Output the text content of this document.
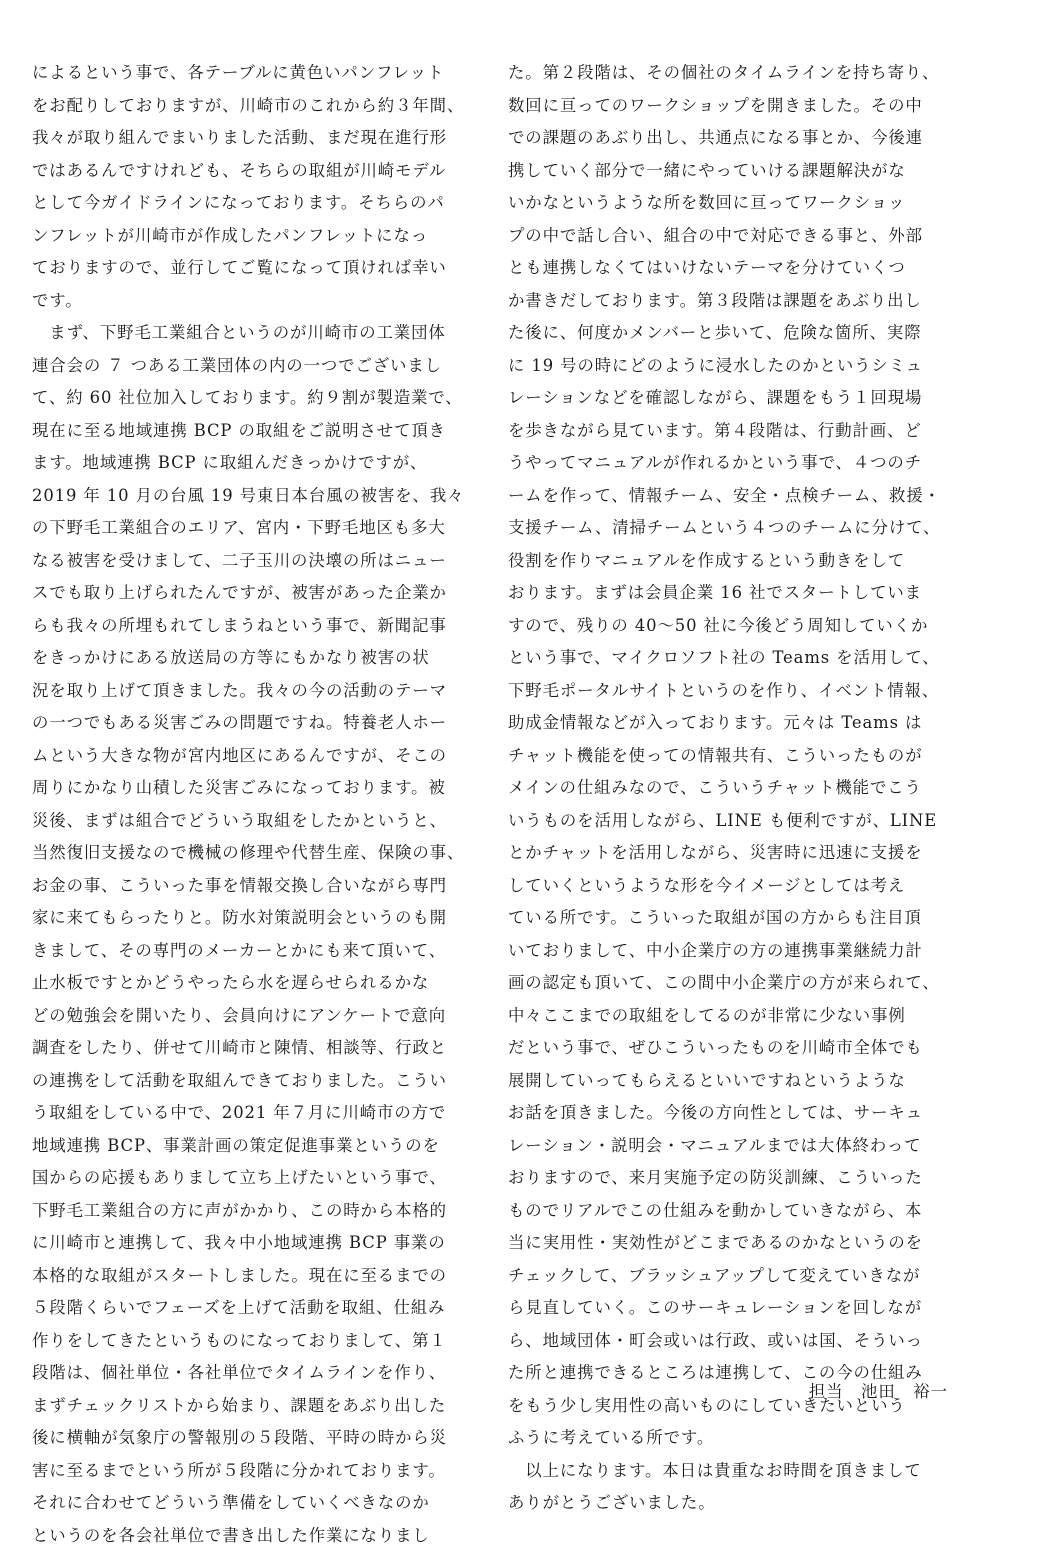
によるという事で、各テーブルに黄色いパンフレット
をお配りしておりますが、川崎市のこれから約３年間、
我々が取り組んでまいりました活動、まだ現在進行形
ではあるんですけれども、そちらの取組が川崎モデル
として今ガイドラインになっております。そちらのパ
ンフレットが川崎市が作成したパンフレットになっ
ておりますので、並行してご覧になって頂ければ幸い
です。
　まず、下野毛工業組合というのが川崎市の工業団体
連合会の ７ つある工業団体の内の一つでございまし
て、約 60 社位加入しております。約９割が製造業で、
現在に至る地域連携 BCP の取組をご説明させて頂き
ます。地域連携 BCP に取組んだきっかけですが、
2019 年 10 月の台風 19 号東日本台風の被害を、我々
の下野毛工業組合のエリア、宮内・下野毛地区も多大
なる被害を受けまして、二子玉川の決壊の所はニュー
スでも取り上げられたんですが、被害があった企業か
らも我々の所埋もれてしまうねという事で、新聞記事
をきっかけにある放送局の方等にもかなり被害の状
況を取り上げて頂きました。我々の今の活動のテーマ
の一つでもある災害ごみの問題ですね。特養老人ホー
ムという大きな物が宮内地区にあるんですが、そこの
周りにかなり山積した災害ごみになっております。被
災後、まずは組合でどういう取組をしたかというと、
当然復旧支援なので機械の修理や代替生産、保険の事、
お金の事、こういった事を情報交換し合いながら専門
家に来てもらったりと。防水対策説明会というのも開
きまして、その専門のメーカーとかにも来て頂いて、
止水板ですとかどうやったら水を遅らせられるかな
どの勉強会を開いたり、会員向けにアンケートで意向
調査をしたり、併せて川崎市と陳情、相談等、行政と
の連携をして活動を取組んできておりました。こうい
う取組をしている中で、2021 年７月に川崎市の方で
地域連携 BCP、事業計画の策定促進事業というのを
国からの応援もありまして立ち上げたいという事で、
下野毛工業組合の方に声がかかり、この時から本格的
に川崎市と連携して、我々中小地域連携 BCP 事業の
本格的な取組がスタートしました。現在に至るまでの
５段階くらいでフェーズを上げて活動を取組、仕組み
作りをしてきたというものになっておりまして、第１
段階は、個社単位・各社単位でタイムラインを作り、
まずチェックリストから始まり、課題をあぶり出した
後に横軸が気象庁の警報別の５段階、平時の時から災
害に至るまでという所が５段階に分かれております。
それに合わせてどういう準備をしていくべきなのか
というのを各会社単位で書き出した作業になりまし
た。第２段階は、その個社のタイムラインを持ち寄り、
数回に亘ってのワークショップを開きました。その中
での課題のあぶり出し、共通点になる事とか、今後連
携していく部分で一緒にやっていける課題解決がな
いかなというような所を数回に亘ってワークショッ
プの中で話し合い、組合の中で対応できる事と、外部
とも連携しなくてはいけないテーマを分けていくつ
か書きだしております。第３段階は課題をあぶり出し
た後に、何度かメンバーと歩いて、危険な箇所、実際
に 19 号の時にどのように浸水したのかというシミュ
レーションなどを確認しながら、課題をもう１回現場
を歩きながら見ています。第４段階は、行動計画、ど
うやってマニュアルが作れるかという事で、４つのチ
ームを作って、情報チーム、安全・点検チーム、救援・
支援チーム、清掃チームという４つのチームに分けて、
役割を作りマニュアルを作成するという動きをして
おります。まずは会員企業 16 社でスタートしていま
すので、残りの 40～50 社に今後どう周知していくか
という事で、マイクロソフト社の Teams を活用して、
下野毛ポータルサイトというのを作り、イベント情報、
助成金情報などが入っております。元々は Teams は
チャット機能を使っての情報共有、こういったものが
メインの仕組みなので、こういうチャット機能でこう
いうものを活用しながら、LINE も便利ですが、LINE
とかチャットを活用しながら、災害時に迅速に支援を
していくというような形を今イメージとしては考え
ている所です。こういった取組が国の方からも注目頂
いておりまして、中小企業庁の方の連携事業継続力計
画の認定も頂いて、この間中小企業庁の方が来られて、
中々ここまでの取組をしてるのが非常に少ない事例
だという事で、ぜひこういったものを川崎市全体でも
展開していってもらえるといいですねというような
お話を頂きました。今後の方向性としては、サーキュ
レーション・説明会・マニュアルまでは大体終わって
おりますので、来月実施予定の防災訓練、こういった
ものでリアルでこの仕組みを動かしていきながら、本
当に実用性・実効性がどこまであるのかなというのを
チェックして、ブラッシュアップして変えていきなが
ら見直していく。このサーキュレーションを回しなが
ら、地域団体・町会或いは行政、或いは国、そういっ
た所と連携できるところは連携して、この今の仕組み
をもう少し実用性の高いものにしていきたいという
ふうに考えている所です。
　以上になります。本日は貴重なお時間を頂きまして
ありがとうございました。
担当　池田　裕一
